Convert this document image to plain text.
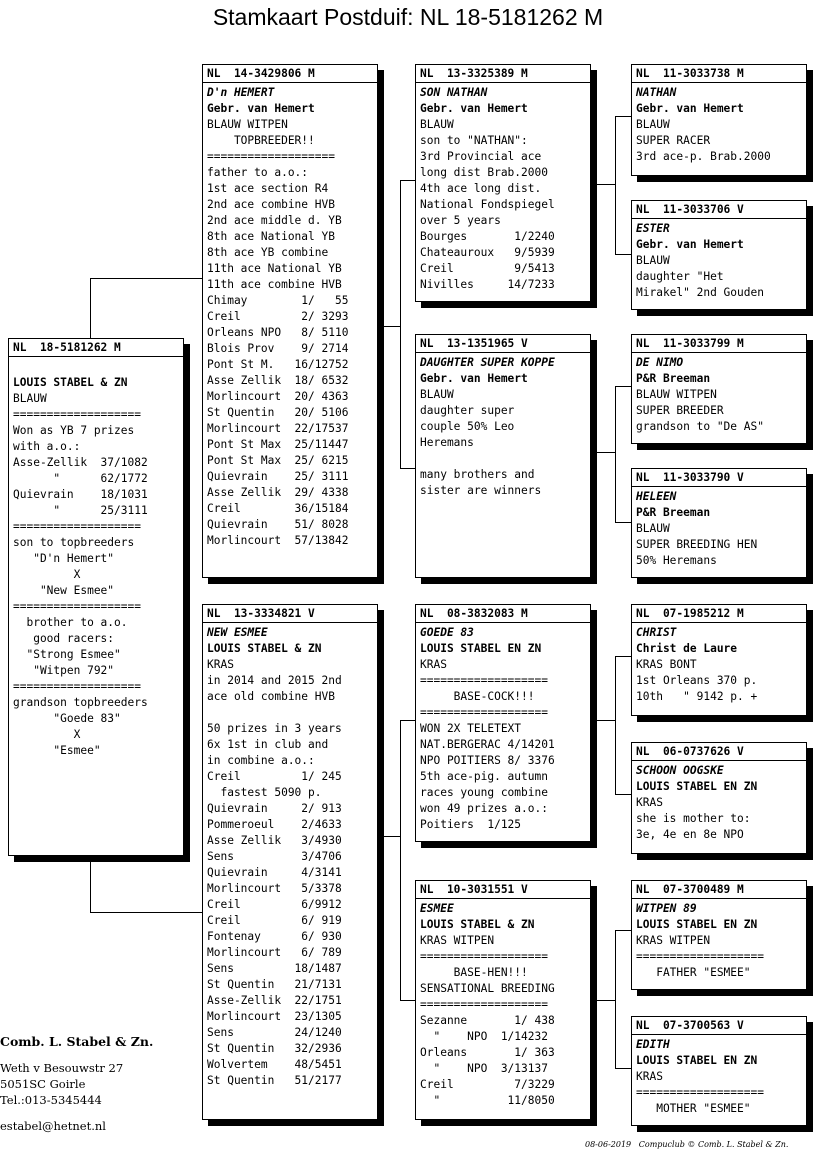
Stamkaart Postduif: NL 18-5181262 M
NL  18-5181262 M
LOUIS STABEL & ZN
BLAUW
===================
Won as YB 7 prizes
with a.o.:
Asse-Zellik  37/1082
"      62/1772
Quievrain    18/1031
"      25/3111
===================
son to topbreeders
"D'n Hemert"
X
"New Esmee"
===================
brother to a.o.
good racers:
"Strong Esmee"
"Witpen 792"
===================
grandson topbreeders
"Goede 83"
X
"Esmee"
NL  14-3429806 M
D'n HEMERT
Gebr. van Hemert
BLAUW WITPEN
TOPBREEDER!!
===================
father to a.o.:
1st ace section R4
2nd ace combine HVB
2nd ace middle d. YB
8th ace National YB
8th ace YB combine
11th ace National YB
11th ace combine HVB
Chimay        1/   55
Creil         2/ 3293
Orleans NPO   8/ 5110
Blois Prov    9/ 2714
Pont St M.   16/12752
Asse Zellik  18/ 6532
Morlincourt  20/ 4363
St Quentin   20/ 5106
Morlincourt  22/17537
Pont St Max  25/11447
Pont St Max  25/ 6215
Quievrain    25/ 3111
Asse Zellik  29/ 4338
Creil        36/15184
Quievrain    51/ 8028
Morlincourt  57/13842
NL  13-3334821 V
NEW ESMEE
LOUIS STABEL & ZN
KRAS
in 2014 and 2015 2nd
ace old combine HVB
50 prizes in 3 years
6x 1st in club and
in combine a.o.:
Creil         1/ 245
fastest 5090 p.
Quievrain     2/ 913
Pommeroeul    2/4633
Asse Zellik   3/4930
Sens          3/4706
Quievrain     4/3141
Morlincourt   5/3378
Creil         6/9912
Creil         6/ 919
Fontenay      6/ 930
Morlincourt   6/ 789
Sens         18/1487
St Quentin   21/7131
Asse-Zellik  22/1751
Morlincourt  23/1305
Sens         24/1240
St Quentin   32/2936
Wolvertem    48/5451
St Quentin   51/2177
NL  13-3325389 M
SON NATHAN
Gebr. van Hemert
BLAUW
son to "NATHAN":
3rd Provincial ace
long dist Brab.2000
4th ace long dist.
National Fondspiegel
over 5 years
Bourges       1/2240
Chateauroux   9/5939
Creil         9/5413
Nivilles     14/7233
NL  13-1351965 V
DAUGHTER SUPER KOPPE
Gebr. van Hemert
BLAUW
daughter super
couple 50% Leo
Heremans
many brothers and
sister are winners
NL  08-3832083 M
GOEDE 83
LOUIS STABEL EN ZN
KRAS
===================
BASE-COCK!!!
===================
WON 2X TELETEXT
NAT.BERGERAC 4/14201
NPO POITIERS 8/ 3376
5th ace-pig. autumn
races young combine
won 49 prizes a.o.:
Poitiers  1/125
NL  10-3031551 V
ESMEE
LOUIS STABEL & ZN
KRAS WITPEN
===================
BASE-HEN!!!
SENSATIONAL BREEDING
===================
Sezanne       1/ 438
"    NPO  1/14232
Orleans       1/ 363
"    NPO  3/13137
Creil         7/3229
"          11/8050
NL  11-3033738 M
NATHAN
Gebr. van Hemert
BLAUW
SUPER RACER
3rd ace-p. Brab.2000
NL  11-3033706 V
ESTER
Gebr. van Hemert
BLAUW
daughter "Het
Mirakel" 2nd Gouden
NL  11-3033799 M
DE NIMO
P&R Breeman
BLAUW WITPEN
SUPER BREEDER
grandson to "De AS"
NL  11-3033790 V
HELEEN
P&R Breeman
BLAUW
SUPER BREEDING HEN
50% Heremans
NL  07-1985212 M
CHRIST
Christ de Laure
KRAS BONT
1st Orleans 370 p.
10th   " 9142 p. +
NL  06-0737626 V
SCHOON OOGSKE
LOUIS STABEL EN ZN
KRAS
she is mother to:
3e, 4e en 8e NPO
NL  07-3700489 M
WITPEN 89
LOUIS STABEL EN ZN
KRAS WITPEN
===================
FATHER "ESMEE"
NL  07-3700563 V
EDITH
LOUIS STABEL EN ZN
KRAS
===================
MOTHER "ESMEE"
Comb. L. Stabel & Zn.
Weth v Besouwstr 27
5051SC Goirle
Tel.:013-5345444
estabel@hetnet.nl
08-06-2019   Compuclub © Comb. L. Stabel & Zn.
